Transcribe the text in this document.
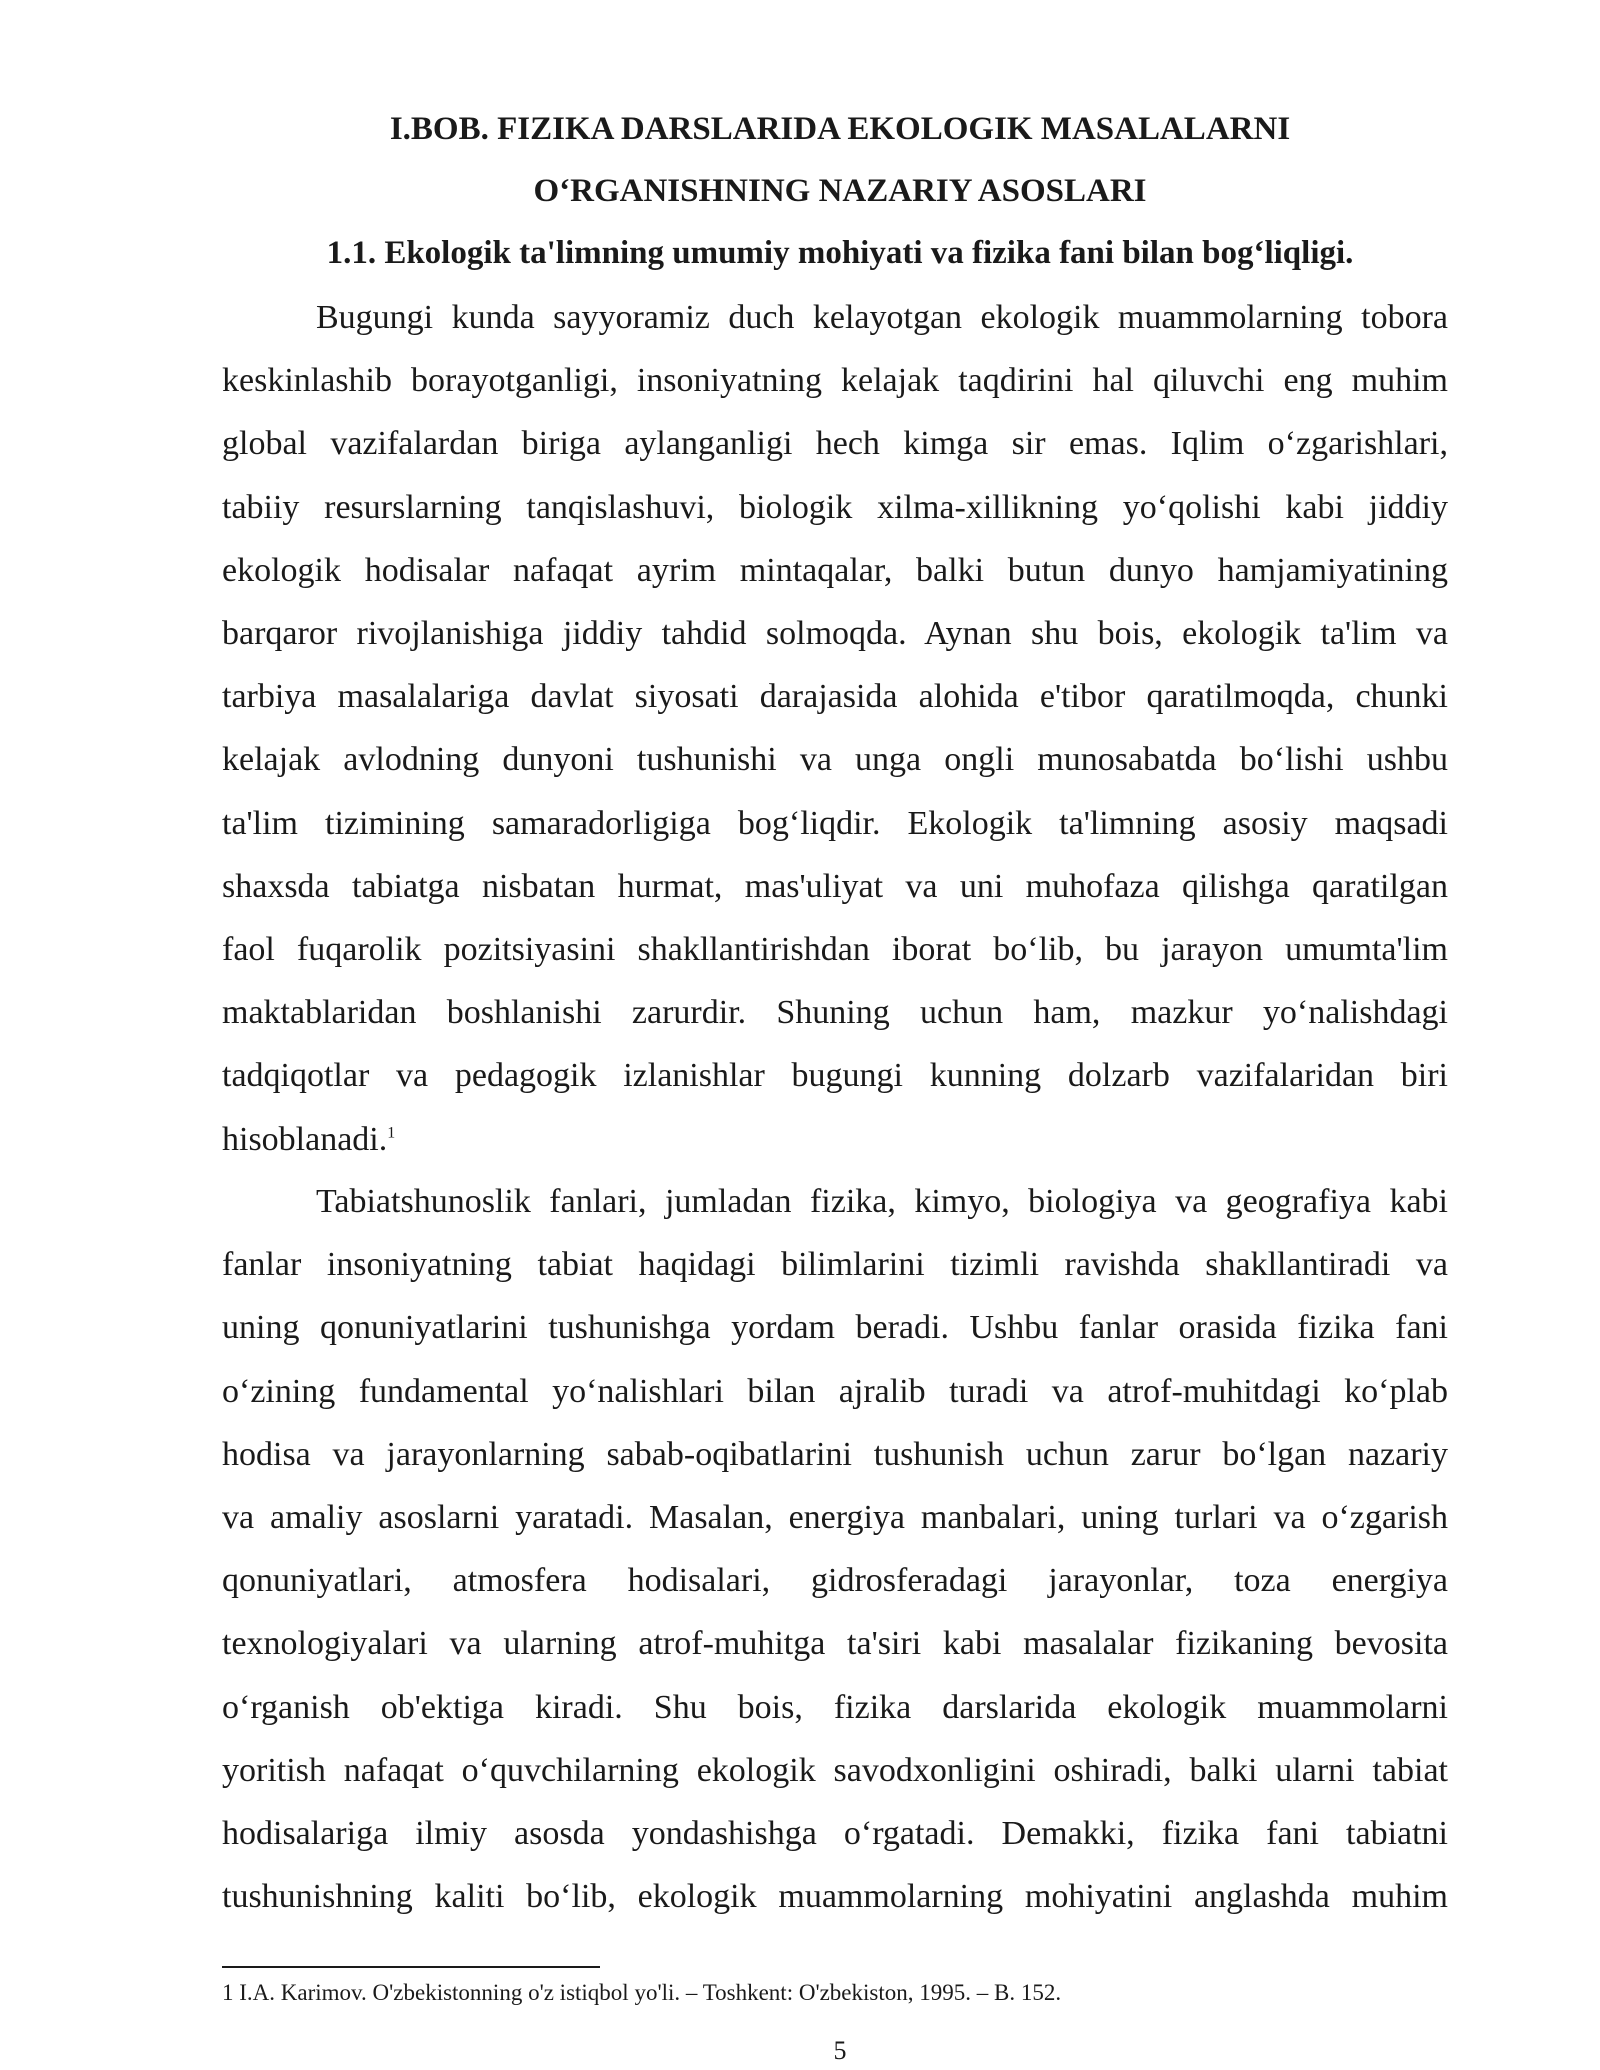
I.BOB. FIZIKA DARSLARIDA EKOLOGIK MASALALARNI
O‘RGANISHNING NAZARIY ASOSLARI
1.1. Ekologik ta'limning umumiy mohiyati va fizika fani bilan bog‘liqligi.
Bugungi kunda sayyoramiz duch kelayotgan ekologik muammolarning tobora
keskinlashib borayotganligi, insoniyatning kelajak taqdirini hal qiluvchi eng muhim
global vazifalardan biriga aylanganligi hech kimga sir emas. Iqlim o‘zgarishlari,
tabiiy resurslarning tanqislashuvi, biologik xilma-xillikning yo‘qolishi kabi jiddiy
ekologik hodisalar nafaqat ayrim mintaqalar, balki butun dunyo hamjamiyatining
barqaror rivojlanishiga jiddiy tahdid solmoqda. Aynan shu bois, ekologik ta'lim va
tarbiya masalalariga davlat siyosati darajasida alohida e'tibor qaratilmoqda, chunki
kelajak avlodning dunyoni tushunishi va unga ongli munosabatda bo‘lishi ushbu
ta'lim tizimining samaradorligiga bog‘liqdir. Ekologik ta'limning asosiy maqsadi
shaxsda tabiatga nisbatan hurmat, mas'uliyat va uni muhofaza qilishga qaratilgan
faol fuqarolik pozitsiyasini shakllantirishdan iborat bo‘lib, bu jarayon umumta'lim
maktablaridan boshlanishi zarurdir. Shuning uchun ham, mazkur yo‘nalishdagi
tadqiqotlar va pedagogik izlanishlar bugungi kunning dolzarb vazifalaridan biri
hisoblanadi.$^1$
Tabiatshunoslik fanlari, jumladan fizika, kimyo, biologiya va geografiya kabi
fanlar insoniyatning tabiat haqidagi bilimlarini tizimli ravishda shakllantiradi va
uning qonuniyatlarini tushunishga yordam beradi. Ushbu fanlar orasida fizika fani
o‘zining fundamental yo‘nalishlari bilan ajralib turadi va atrof-muhitdagi ko‘plab
hodisa va jarayonlarning sabab-oqibatlarini tushunish uchun zarur bo‘lgan nazariy
va amaliy asoslarni yaratadi. Masalan, energiya manbalari, uning turlari va o‘zgarish
qonuniyatlari, atmosfera hodisalari, gidrosferadagi jarayonlar, toza energiya
texnologiyalari va ularning atrof-muhitga ta'siri kabi masalalar fizikaning bevosita
o‘rganish ob'ektiga kiradi. Shu bois, fizika darslarida ekologik muammolarni
yoritish nafaqat o‘quvchilarning ekologik savodxonligini oshiradi, balki ularni tabiat
hodisalariga ilmiy asosda yondashishga o‘rgatadi. Demakki, fizika fani tabiatni
tushunishning kaliti bo‘lib, ekologik muammolarning mohiyatini anglashda muhim
1 I.A. Karimov. O'zbekistonning o'z istiqbol yo'li. – Toshkent: O'zbekiston, 1995. – B. 152.
5
